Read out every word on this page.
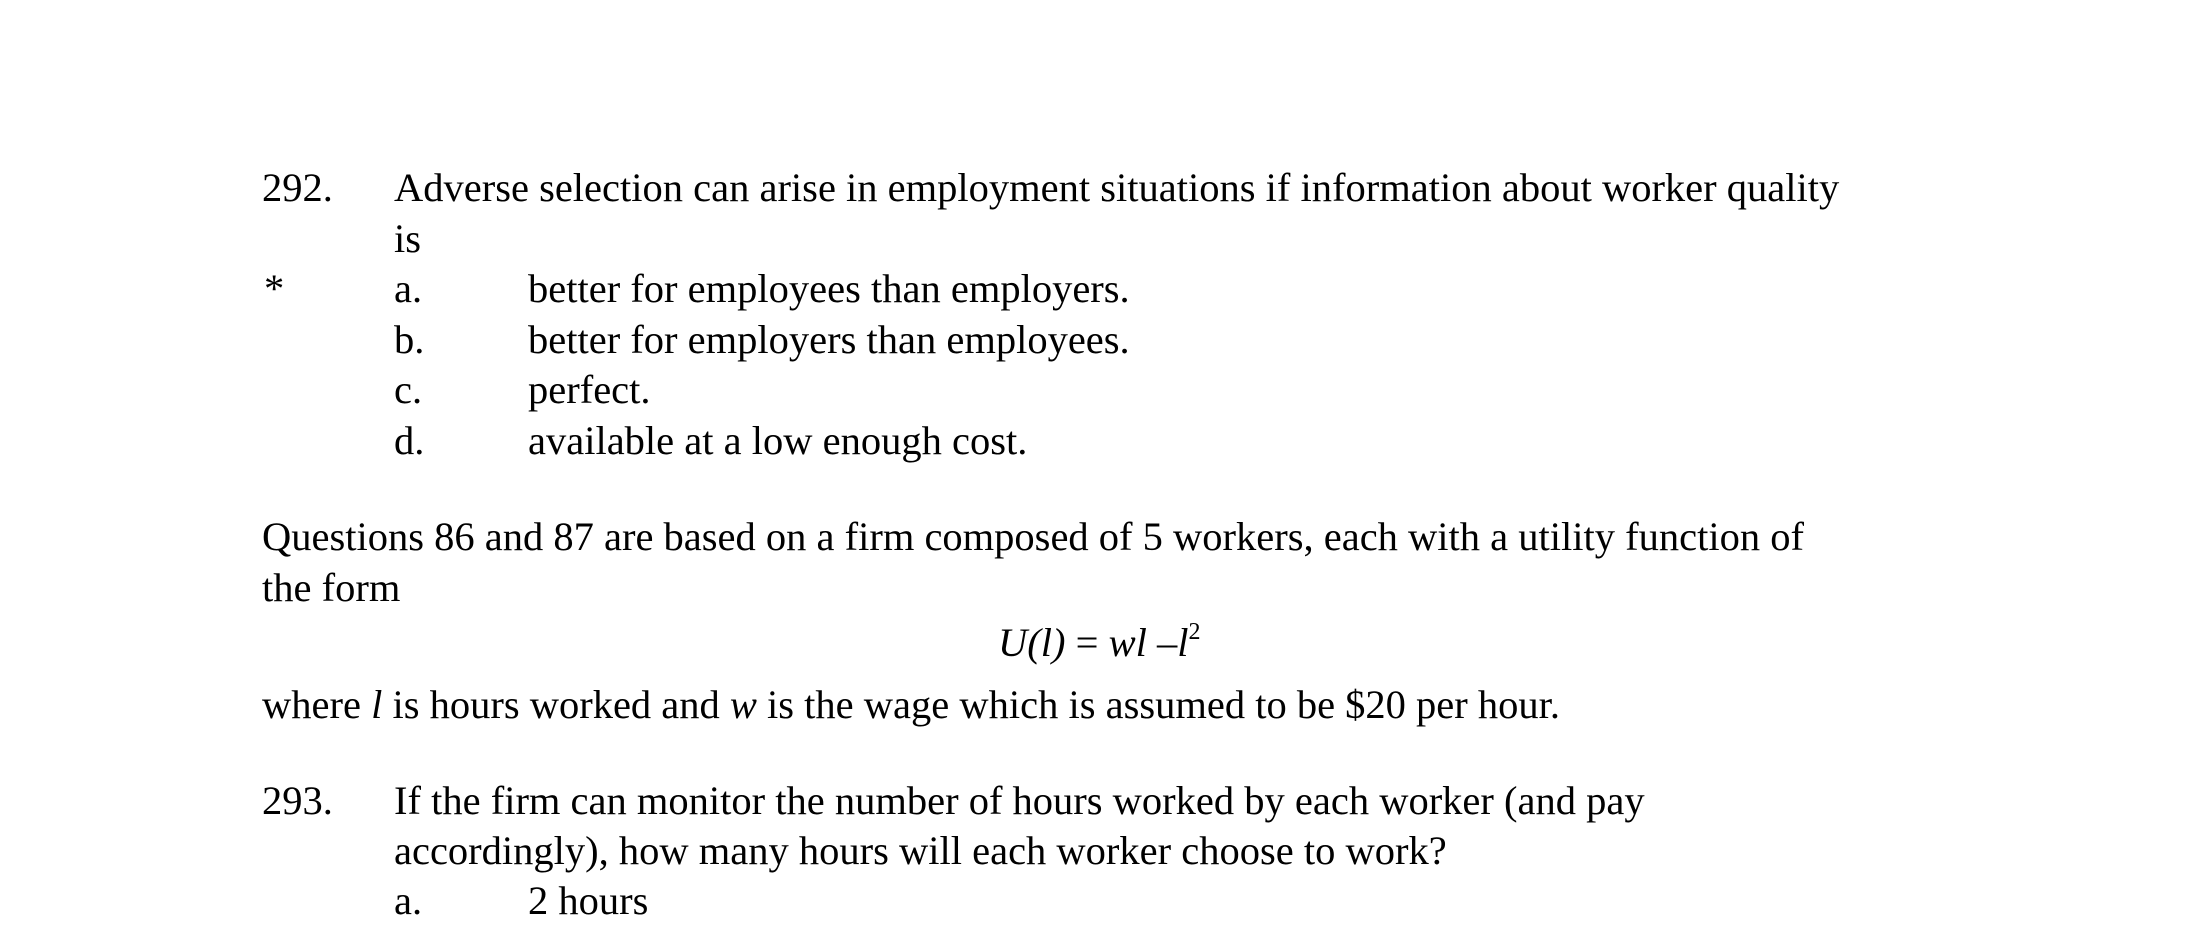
292. Adverse selection can arise in employment situations if information about worker quality
is
*	a.	better for employees than employers.
b.	better for employers than employees.
c.	perfect.
d.	available at a low enough cost.
Questions 86 and 87 are based on a firm composed of 5 workers, each with a utility function of
the form
U(l) = wl $-l^2$
where l is hours worked and w is the wage which is assumed to be $20 per hour.
293. If the firm can monitor the number of hours worked by each worker (and pay
accordingly), how many hours will each worker choose to work?
a.	2 hours
